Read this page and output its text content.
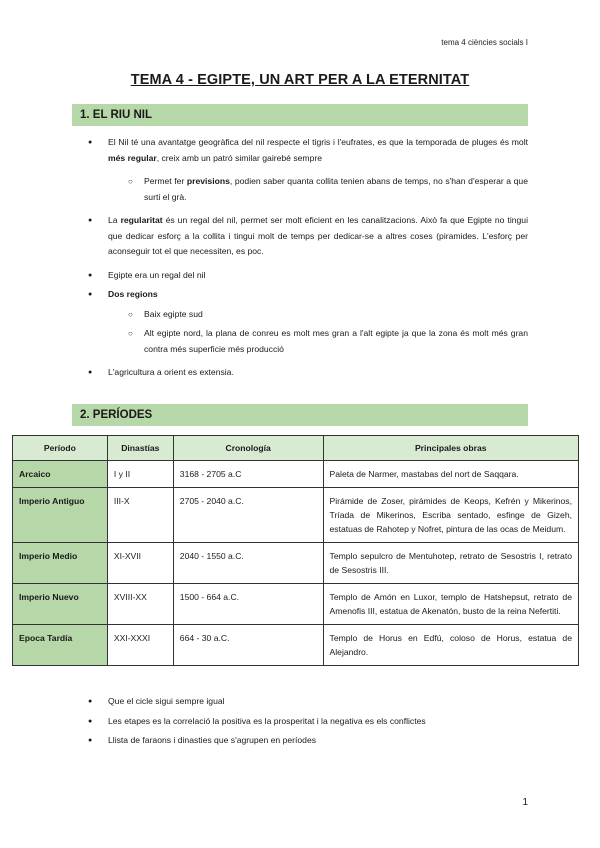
tema 4 ciències socials I
TEMA 4 - EGIPTE, UN ART PER A LA ETERNITAT
1. EL RIU NIL
● El Nil té una avantatge geogràfica del nil respecte el tigris i l'eufrates, es que la temporada de pluges és molt més regular, creix amb un patró similar gairebé sempre
○ Permet fer previsions, podien saber quanta collita tenien abans de temps, no s'han d'esperar a que surti el grà.
● La regularitat és un regal del nil, permet ser molt eficient en les canalitzacions. Això fa que Egipte no tingui que dedicar esforç a la collita i tingui molt de temps per dedicar-se a altres coses (piramides. L'esforç per aconseguir tot el que necessiten, es poc.
● Egipte era un regal del nil
● Dos regions
○ Baix egipte sud
○ Alt egipte nord, la plana de conreu es molt mes gran a l'alt egipte ja que la zona és molt més gran contra més superficie més producció
● L'agricultura a orient es extensia.
2. PERÍODES
Período	Dinastías	Cronología	Principales obras
Arcaico	I y II	3168 - 2705 a.C	Paleta de Narmer, mastabas del nort de Saqqara.
Imperio Antiguo	III-X	2705 - 2040 a.C.	Pirámide de Zoser, pirámides de Keops, Kefrén y Mikerinos, Tríada de Mikerinos, Escriba sentado, esfinge de Gizeh, estatuas de Rahotep y Nofret, pintura de las ocas de Meidum.
Imperio Medio	XI-XVII	2040 - 1550 a.C.	Templo sepulcro de Mentuhotep, retrato de Sesostris I, retrato de Sesostris III.
Imperio Nuevo	XVIII-XX	1500 - 664 a.C.	Templo de Amón en Luxor, templo de Hatshepsut, retrato de Amenofis III, estatua de Akenatón, busto de la reina Nefertiti.
Epoca Tardía	XXI-XXXI	664 - 30 a.C.	Templo de Horus en Edfú, coloso de Horus, estatua de Alejandro.
● Que el cicle sigui sempre igual
● Les etapes es la correlació la positiva es la prosperitat i la negativa es els conflictes
● Llista de faraons i dinasties que s'agrupen en períodes
1
